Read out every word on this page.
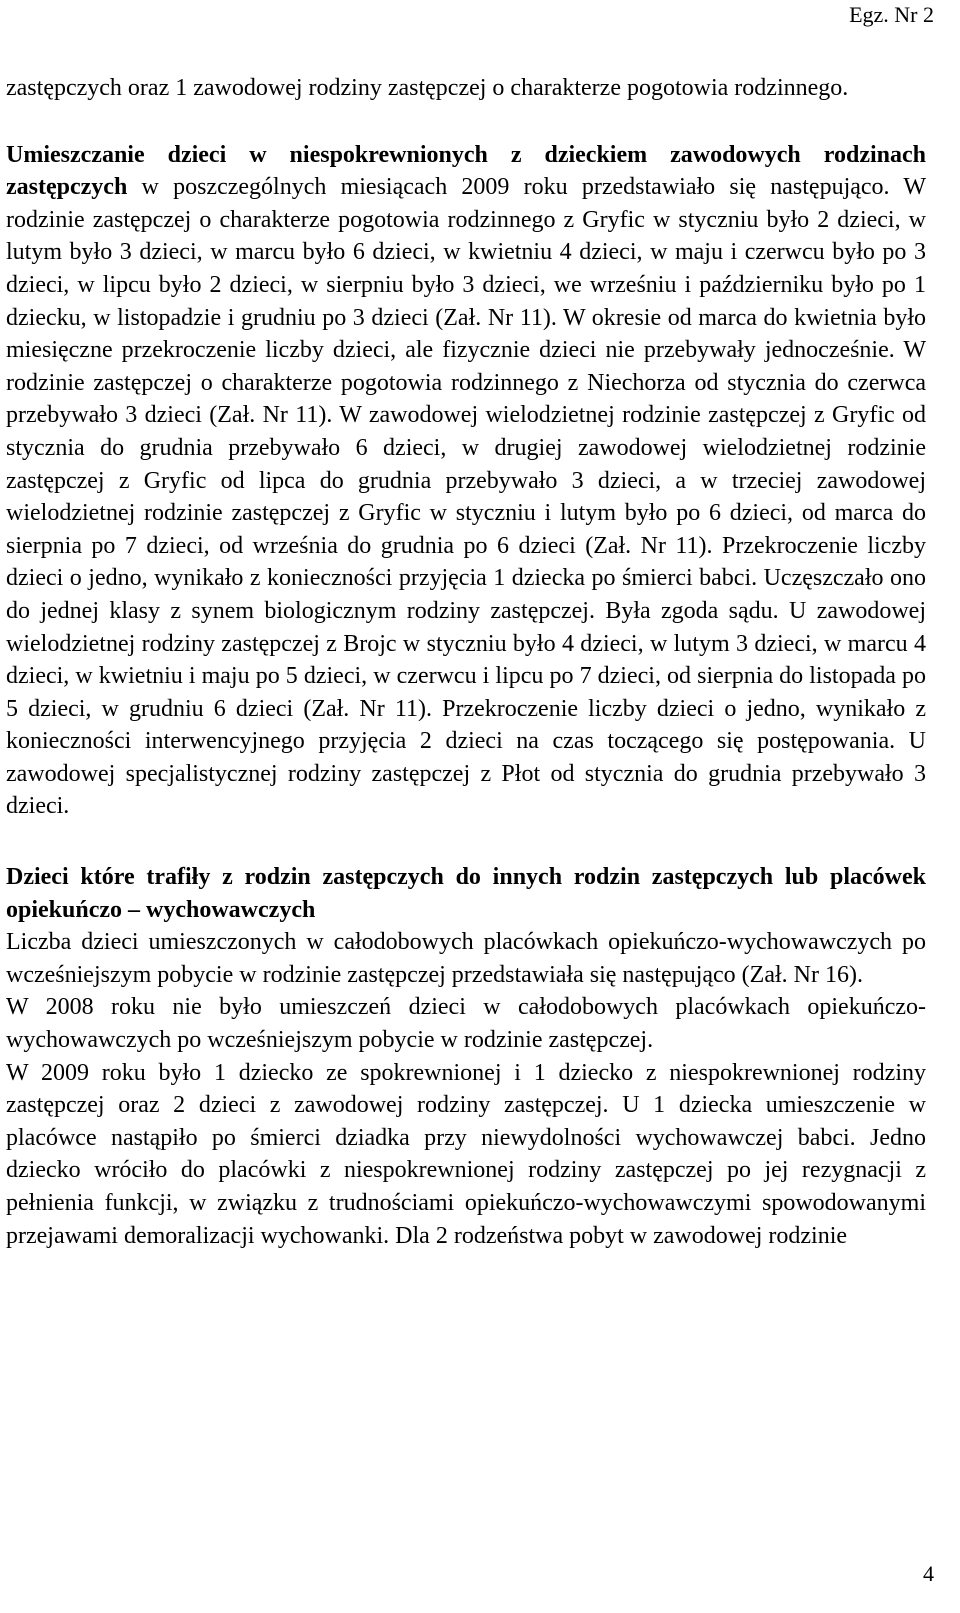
Egz. Nr 2

zastępczych oraz 1 zawodowej rodziny zastępczej o charakterze pogotowia rodzinnego.

Umieszczanie dzieci w niespokrewnionych z dzieckiem zawodowych rodzinach zastępczych w poszczególnych miesiącach 2009 roku przedstawiało się następująco. W rodzinie zastępczej o charakterze pogotowia rodzinnego z Gryfic w styczniu było 2 dzieci, w lutym było 3 dzieci, w marcu było 6 dzieci, w kwietniu 4 dzieci, w maju i czerwcu było po 3 dzieci, w lipcu było 2 dzieci, w sierpniu było 3 dzieci, we wrześniu i październiku było po 1 dziecku, w listopadzie i grudniu po 3 dzieci (Zał. Nr 11). W okresie od marca do kwietnia było miesięczne przekroczenie liczby dzieci, ale fizycznie dzieci nie przebywały jednocześnie. W rodzinie zastępczej o charakterze pogotowia rodzinnego z Niechorza od stycznia do czerwca przebywało 3 dzieci (Zał. Nr 11). W zawodowej wielodzietnej rodzinie zastępczej z Gryfic od stycznia do grudnia przebywało 6 dzieci, w drugiej zawodowej wielodzietnej rodzinie zastępczej z Gryfic od lipca do grudnia przebywało 3 dzieci, a w trzeciej zawodowej wielodzietnej rodzinie zastępczej z Gryfic w styczniu i lutym było po 6 dzieci, od marca do sierpnia po 7 dzieci, od września do grudnia po 6 dzieci (Zał. Nr 11). Przekroczenie liczby dzieci o jedno, wynikało z konieczności przyjęcia 1 dziecka po śmierci babci. Uczęszczało ono do jednej klasy z synem biologicznym rodziny zastępczej. Była zgoda sądu. U zawodowej wielodzietnej rodziny zastępczej z Brojc w styczniu było 4 dzieci, w lutym 3 dzieci, w marcu 4 dzieci, w kwietniu i maju po 5 dzieci, w czerwcu i lipcu po 7 dzieci, od sierpnia do listopada po 5 dzieci, w grudniu 6 dzieci (Zał. Nr 11). Przekroczenie liczby dzieci o jedno, wynikało z konieczności interwencyjnego przyjęcia 2 dzieci na czas toczącego się postępowania. U zawodowej specjalistycznej rodziny zastępczej z Płot od stycznia do grudnia przebywało 3 dzieci.

Dzieci które trafiły z rodzin zastępczych do innych rodzin zastępczych lub placówek opiekuńczo – wychowawczych

Liczba dzieci umieszczonych w całodobowych placówkach opiekuńczo-wychowawczych po wcześniejszym pobycie w rodzinie zastępczej przedstawiała się następująco (Zał. Nr 16).

W 2008 roku nie było umieszczeń dzieci w całodobowych placówkach opiekuńczo-wychowawczych po wcześniejszym pobycie w rodzinie zastępczej.

W 2009 roku było 1 dziecko ze spokrewnionej i 1 dziecko z niespokrewnionej rodziny zastępczej oraz 2 dzieci z zawodowej rodziny zastępczej. U 1 dziecka umieszczenie w placówce nastąpiło po śmierci dziadka przy niewydolności wychowawczej babci. Jedno dziecko wróciło do placówki z niespokrewnionej rodziny zastępczej po jej rezygnacji z pełnienia funkcji, w związku z trudnościami opiekuńczo-wychowawczymi spowodowanymi przejawami demoralizacji wychowanki. Dla 2 rodzeństwa pobyt w zawodowej rodzinie

4
